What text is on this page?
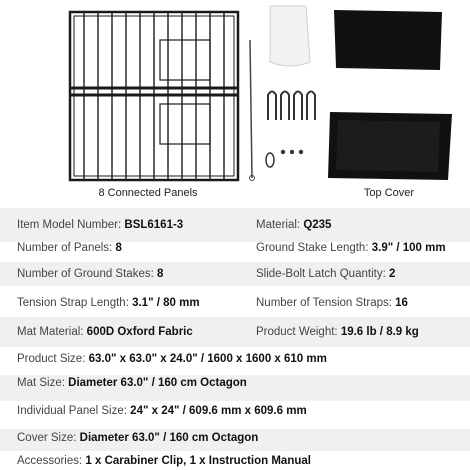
8 Connected Panels	Top Cover
Item Model Number: BSL6161-3	Material: Q235
Number of Panels: 8	Ground Stake Length: 3.9" / 100 mm
Number of Ground Stakes: 8	Slide-Bolt Latch Quantity: 2
Tension Strap Length: 3.1" / 80 mm	Number of Tension Straps: 16
Mat Material: 600D Oxford Fabric	Product Weight: 19.6 lb / 8.9 kg
Product Size: 63.0" x 63.0" x 24.0" / 1600 x 1600 x 610 mm
Mat Size: Diameter 63.0" / 160 cm Octagon
Individual Panel Size: 24" x 24" / 609.6 mm x 609.6 mm
Cover Size: Diameter 63.0" / 160 cm Octagon
Accessories: 1 x Carabiner Clip, 1 x Instruction Manual
